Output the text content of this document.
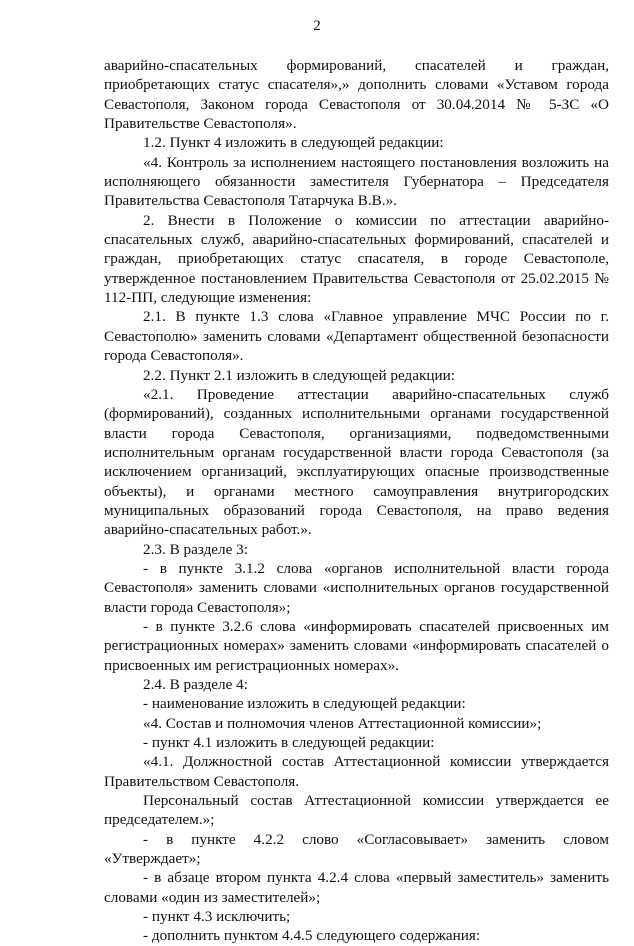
2

аварийно-спасательных формирований, спасателей и граждан, приобретающих статус спасателя»,» дополнить словами «Уставом города Севастополя, Законом города Севастополя от 30.04.2014 № 5-ЗС «О Правительстве Севастополя».

1.2. Пункт 4 изложить в следующей редакции:

«4. Контроль за исполнением настоящего постановления возложить на исполняющего обязанности заместителя Губернатора – Председателя Правительства Севастополя Татарчука В.В.».

2. Внести в Положение о комиссии по аттестации аварийно-спасательных служб, аварийно-спасательных формирований, спасателей и граждан, приобретающих статус спасателя, в городе Севастополе, утвержденное постановлением Правительства Севастополя от 25.02.2015 № 112-ПП, следующие изменения:

2.1. В пункте 1.3 слова «Главное управление МЧС России по г. Севастополю» заменить словами «Департамент общественной безопасности города Севастополя».

2.2. Пункт 2.1 изложить в следующей редакции:

«2.1. Проведение аттестации аварийно-спасательных служб (формирований), созданных исполнительными органами государственной власти города Севастополя, организациями, подведомственными исполнительным органам государственной власти города Севастополя (за исключением организаций, эксплуатирующих опасные производственные объекты), и органами местного самоуправления внутригородских муниципальных образований города Севастополя, на право ведения аварийно-спасательных работ.».

2.3. В разделе 3:

- в пункте 3.1.2 слова «органов исполнительной власти города Севастополя» заменить словами «исполнительных органов государственной власти города Севастополя»;

- в пункте 3.2.6 слова «информировать спасателей присвоенных им регистрационных номерах» заменить словами «информировать спасателей о присвоенных им регистрационных номерах».

2.4. В разделе 4:

- наименование изложить в следующей редакции:

«4. Состав и полномочия членов Аттестационной комиссии»;

- пункт 4.1 изложить в следующей редакции:

«4.1. Должностной состав Аттестационной комиссии утверждается Правительством Севастополя.

Персональный состав Аттестационной комиссии утверждается ее председателем.»;

- в пункте 4.2.2 слово «Согласовывает» заменить словом «Утверждает»;

- в абзаце втором пункта 4.2.4 слова «первый заместитель» заменить словами «один из заместителей»;

- пункт 4.3 исключить;

- дополнить пунктом 4.4.5 следующего содержания:
